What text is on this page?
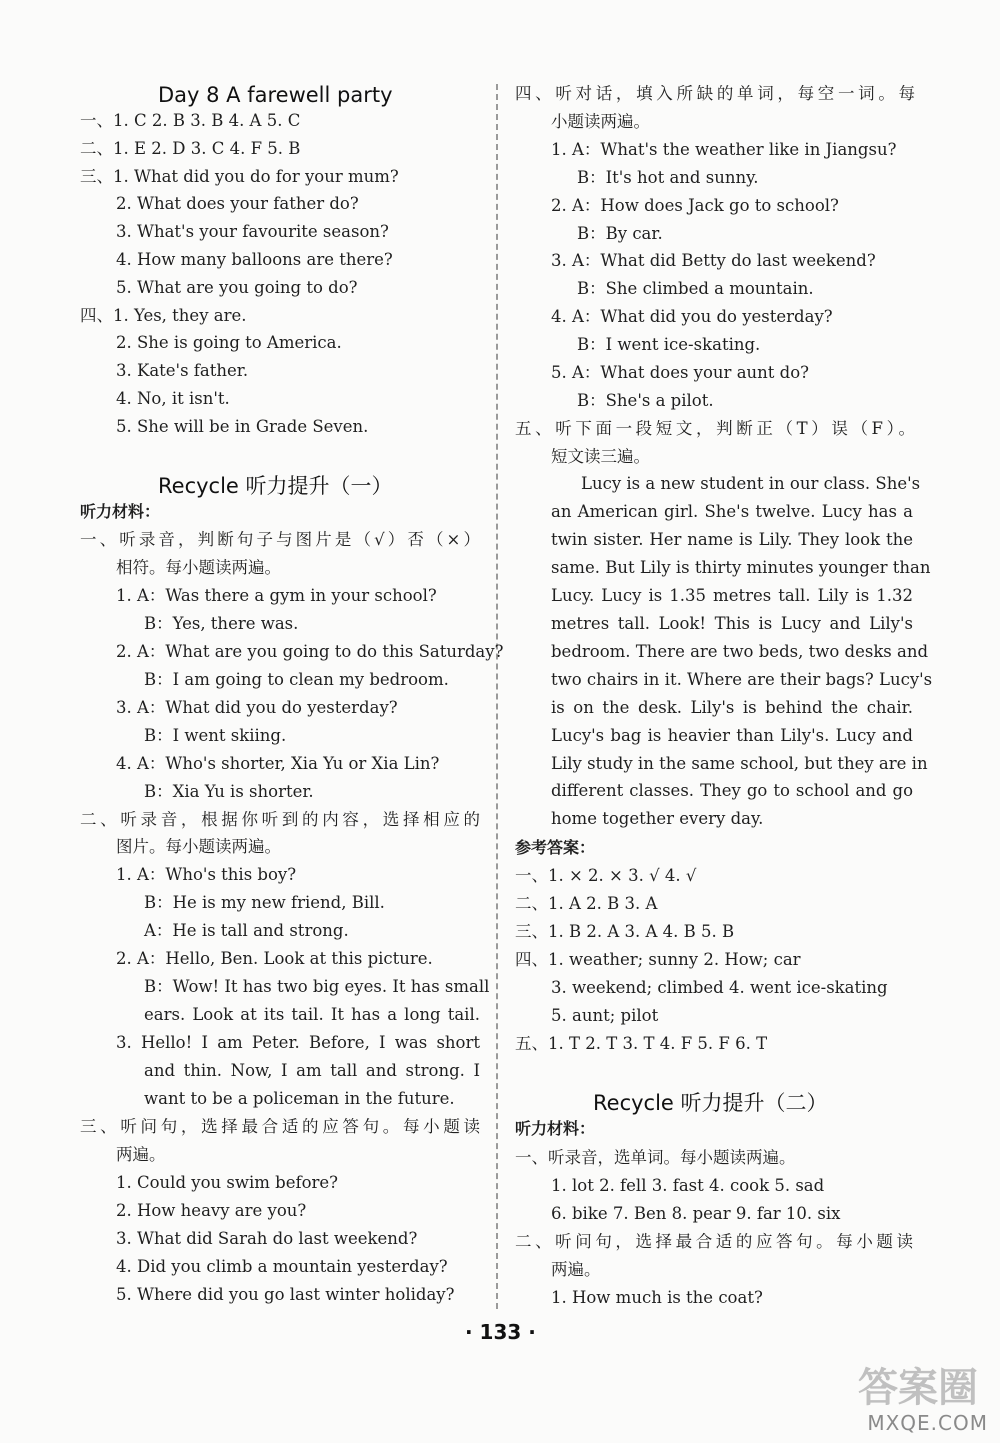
Day 8 A farewell party
一、1. C 2. B 3. B 4. A 5. C
二、1. E 2. D 3. C 4. F 5. B
三、1. What did you do for your mum?
2. What does your father do?
3. What's your favourite season?
4. How many balloons are there?
5. What are you going to do?
四、1. Yes, they are.
2. She is going to America.
3. Kate's father.
4. No, it isn't.
5. She will be in Grade Seven.
Recycle 听力提升（一）
听力材料：
一、听录音，判断句子与图片是（√）否（×）
相符。每小题读两遍。
1. A：Was there a gym in your school?
B：Yes, there was.
2. A：What are you going to do this Saturday?
B：I am going to clean my bedroom.
3. A：What did you do yesterday?
B：I went skiing.
4. A：Who's shorter, Xia Yu or Xia Lin?
B：Xia Yu is shorter.
二、听录音，根据你听到的内容，选择相应的
图片。每小题读两遍。
1. A：Who's this boy?
B：He is my new friend, Bill.
A：He is tall and strong.
2. A：Hello, Ben. Look at this picture.
B：Wow! It has two big eyes. It has small
ears. Look at its tail. It has a long tail.
3. Hello! I am Peter. Before, I was short
and thin. Now, I am tall and strong. I
want to be a policeman in the future.
三、听问句，选择最合适的应答句。每小题读
两遍。
1. Could you swim before?
2. How heavy are you?
3. What did Sarah do last weekend?
4. Did you climb a mountain yesterday?
5. Where did you go last winter holiday?
四、听对话，填入所缺的单词，每空一词。每
小题读两遍。
1. A：What's the weather like in Jiangsu?
B：It's hot and sunny.
2. A：How does Jack go to school?
B：By car.
3. A：What did Betty do last weekend?
B：She climbed a mountain.
4. A：What did you do yesterday?
B：I went ice-skating.
5. A：What does your aunt do?
B：She's a pilot.
五、听下面一段短文，判断正（T）误（F）。
短文读三遍。
Lucy is a new student in our class. She's
an American girl. She's twelve. Lucy has a
twin sister. Her name is Lily. They look the
same. But Lily is thirty minutes younger than
Lucy. Lucy is 1.35 metres tall. Lily is 1.32
metres tall. Look! This is Lucy and Lily's
bedroom. There are two beds, two desks and
two chairs in it. Where are their bags? Lucy's
is on the desk. Lily's is behind the chair.
Lucy's bag is heavier than Lily's. Lucy and
Lily study in the same school, but they are in
different classes. They go to school and go
home together every day.
参考答案：
一、1. × 2. × 3. √ 4. √
二、1. A 2. B 3. A
三、1. B 2. A 3. A 4. B 5. B
四、1. weather; sunny 2. How; car
3. weekend; climbed 4. went ice-skating
5. aunt; pilot
五、1. T 2. T 3. T 4. F 5. F 6. T
Recycle 听力提升（二）
听力材料：
一、听录音，选单词。每小题读两遍。
1. lot 2. fell 3. fast 4. cook 5. sad
6. bike 7. Ben 8. pear 9. far 10. six
二、听问句，选择最合适的应答句。每小题读
两遍。
1. How much is the coat?
· 133 ·
答案圈
MXQE.COM
